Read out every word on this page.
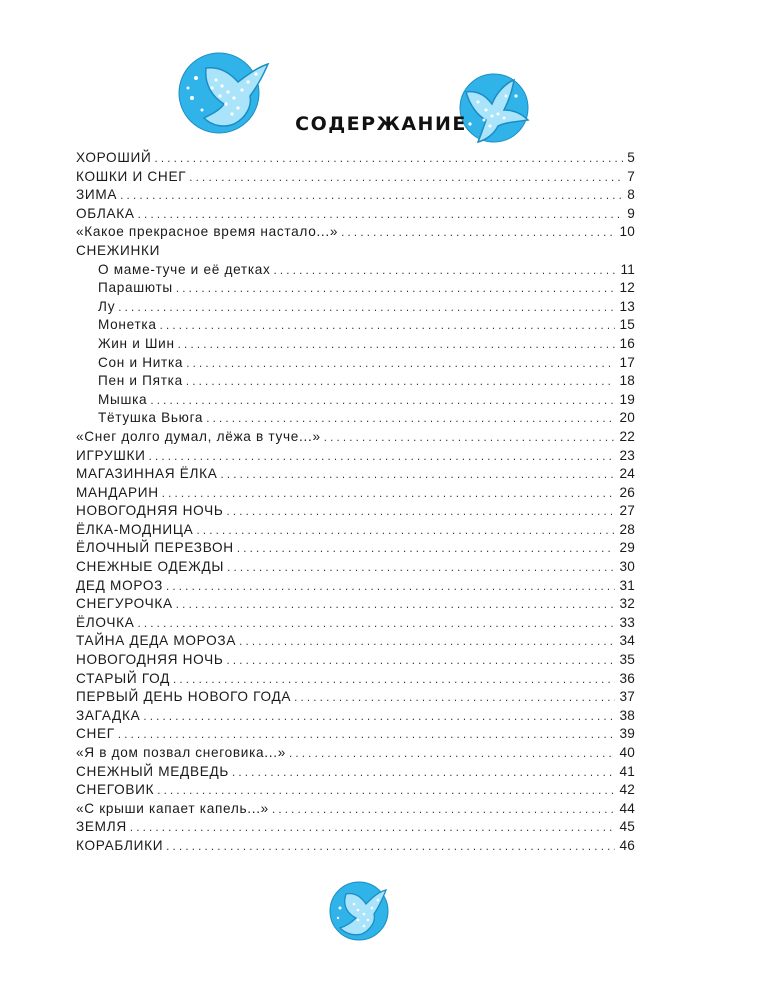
СОДЕРЖАНИЕ
ХОРОШИЙ . . .	5
КОШКИ И СНЕГ . . .	7
ЗИМА . . .	8
ОБЛАКА . . .	9
«Какое прекрасное время настало...» . . .	10
СНЕЖИНКИ
О маме-туче и её детках . . .	11
Парашюты . . .	12
Лу . . .	13
Монетка . . .	15
Жин и Шин . . .	16
Сон и Нитка . . .	17
Пен и Пятка . . .	18
Мышка . . .	19
Тётушка Вьюга . . .	20
«Снег долго думал, лёжа в туче...» . . .	22
ИГРУШКИ . . .	23
МАГАЗИННАЯ ЁЛКА . . .	24
МАНДАРИН . . .	26
НОВОГОДНЯЯ НОЧЬ . . .	27
ЁЛКА-МОДНИЦА . . .	28
ЁЛОЧНЫЙ ПЕРЕЗВОН . . .	29
СНЕЖНЫЕ ОДЕЖДЫ . . .	30
ДЕД МОРОЗ . . .	31
СНЕГУРОЧКА . . .	32
ЁЛОЧКА . . .	33
ТАЙНА ДЕДА МОРОЗА . . .	34
НОВОГОДНЯЯ НОЧЬ . . .	35
СТАРЫЙ ГОД . . .	36
ПЕРВЫЙ ДЕНЬ НОВОГО ГОДА . . .	37
ЗАГАДКА . . .	38
СНЕГ . . .	39
«Я в дом позвал снеговика...» . . .	40
СНЕЖНЫЙ МЕДВЕДЬ . . .	41
СНЕГОВИК . . .	42
«С крыши капает капель...» . . .	44
ЗЕМЛЯ . . .	45
КОРАБЛИКИ . . .	46
